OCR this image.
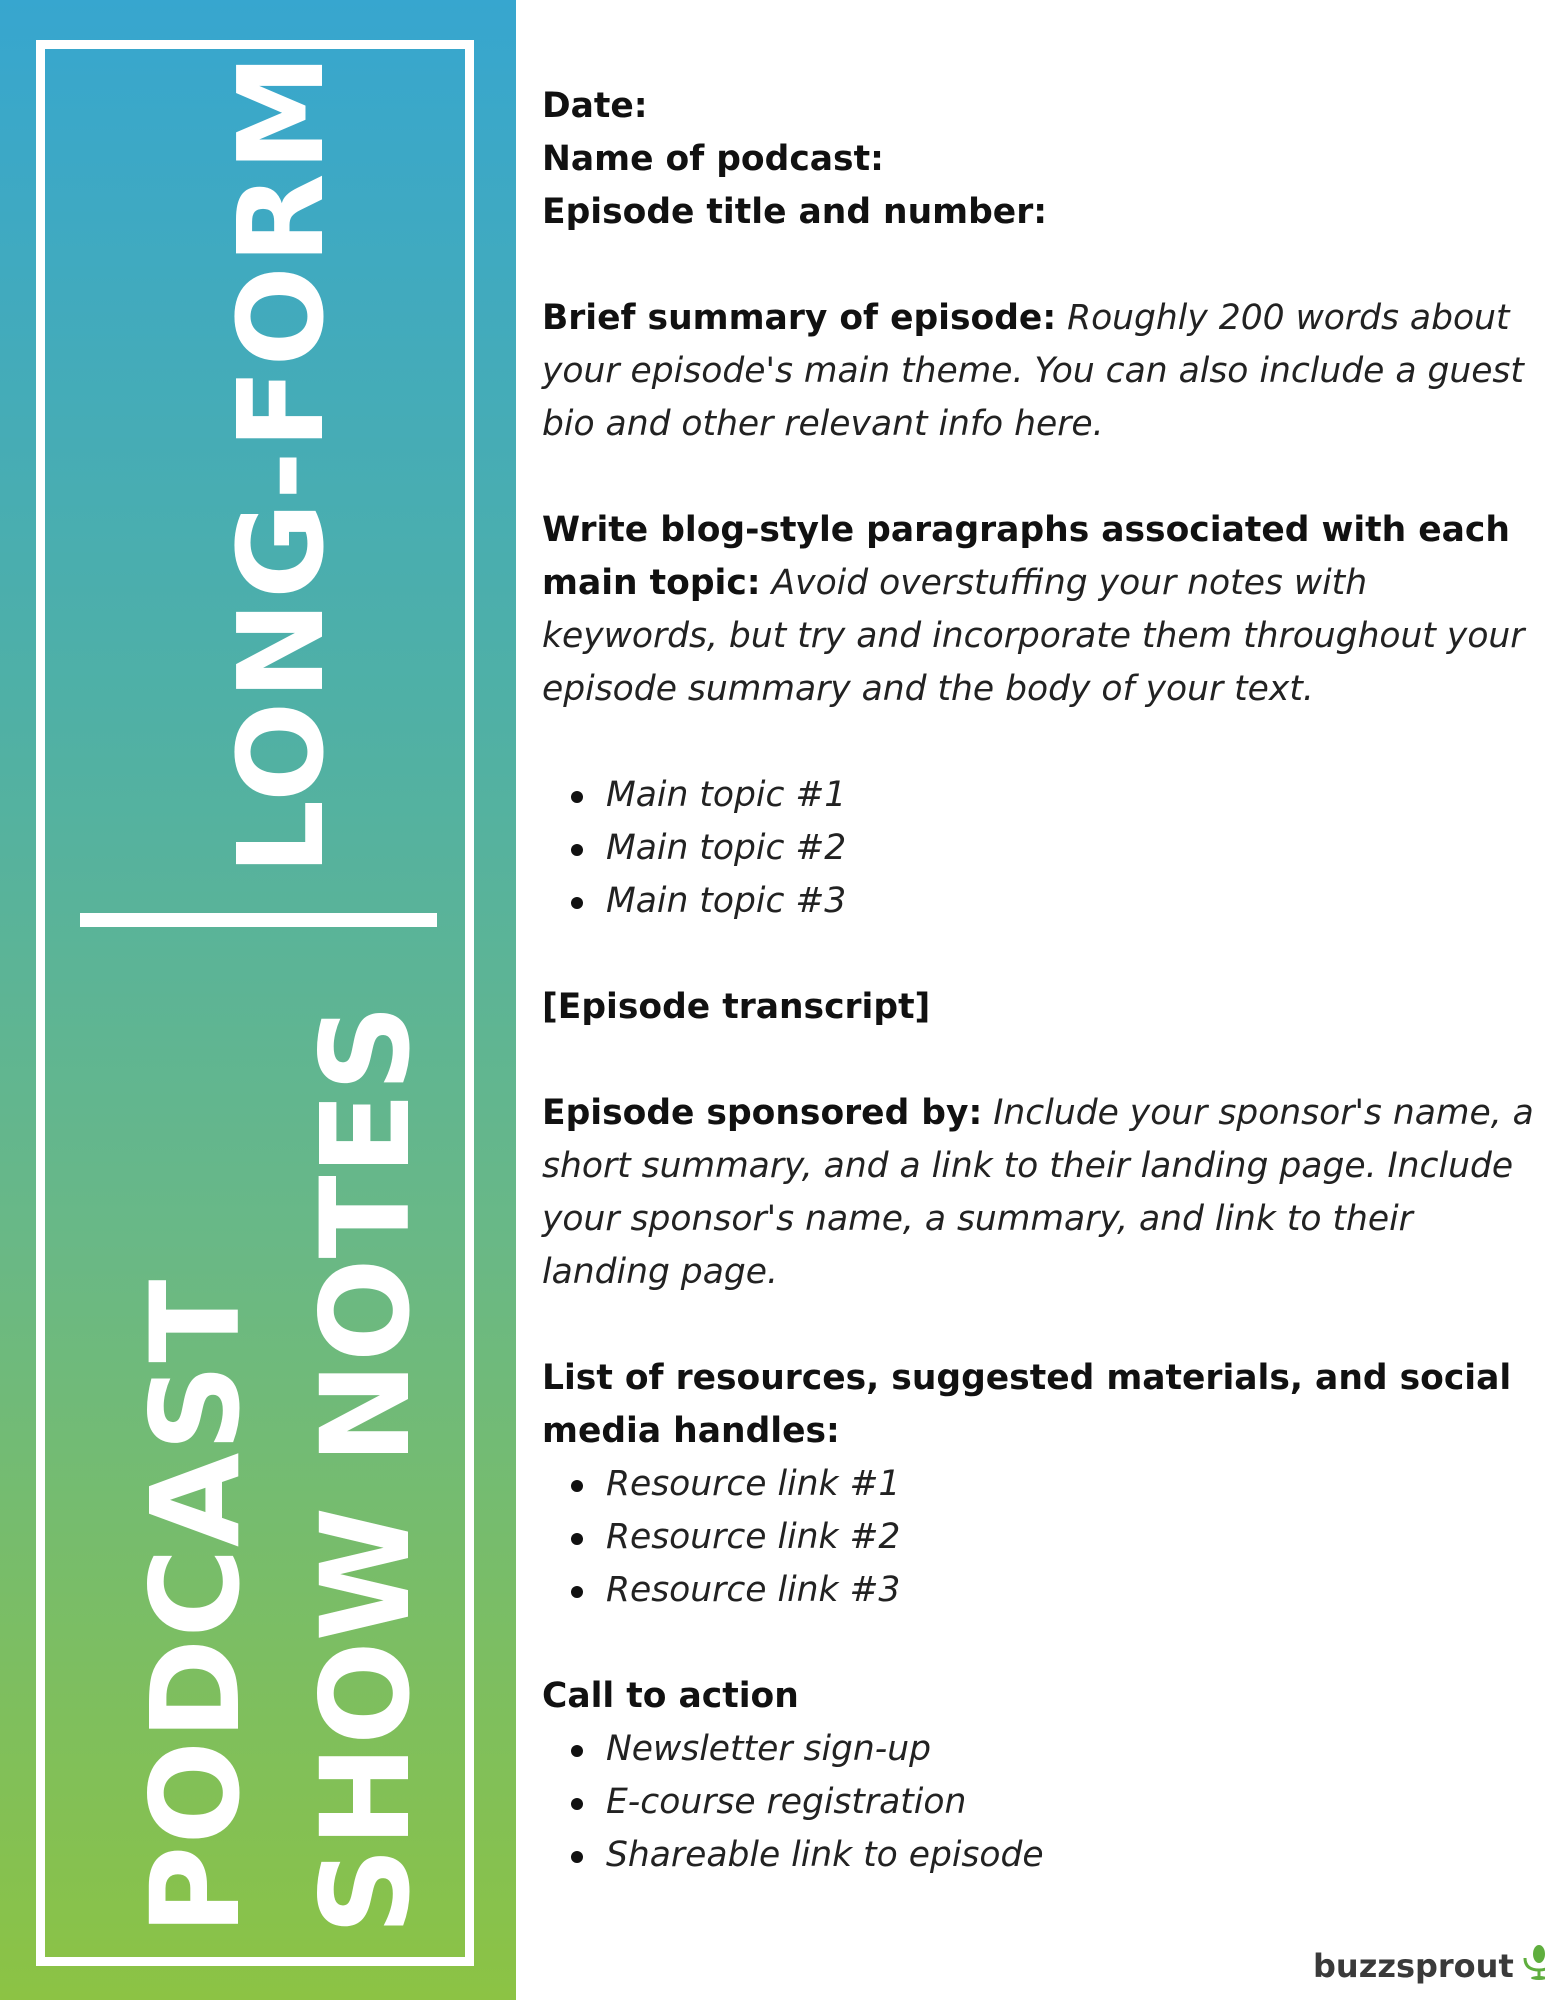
LONG-FORM
PODCAST SHOW NOTES

Date:

Name of podcast:

Episode title and number:

Brief summary of episode: Roughly 200 words about your episode's main theme. You can also include a guest bio and other relevant info here.

Write blog-style paragraphs associated with each
main topic: Avoid overstuffing your notes with keywords, but try and incorporate them throughout your episode summary and the body of your text.

Main topic #1
Main topic #2
Main topic #3

[Episode transcript]

Episode sponsored by: Include your sponsor's name, a short summary, and a link to their landing page. Include your sponsor's name, a summary, and link to their landing page.

List of resources, suggested materials, and social media handles:

Resource link #1
Resource link #2
Resource link #3

Call to action

Newsletter sign-up
E-course registration
Shareable link to episode
buzzsprout
